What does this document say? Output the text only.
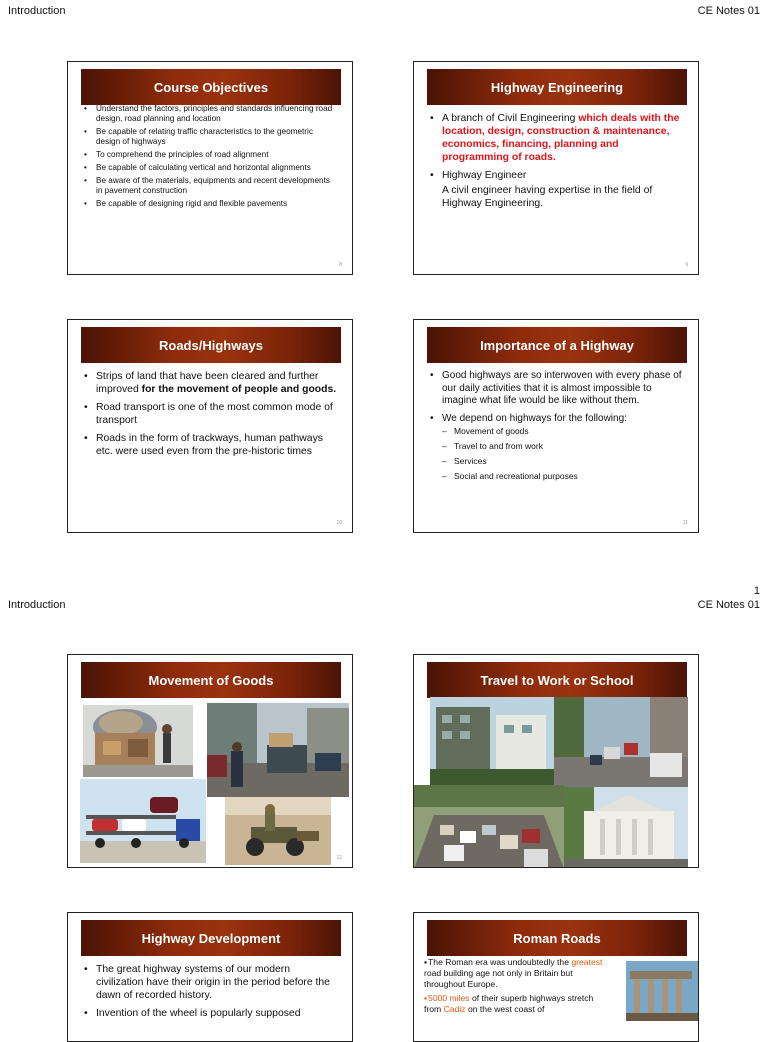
Introduction	CE Notes 01
Course Objectives
• Understand the factors, principles and standards influencing road design, road planning and location
• Be capable of relating traffic characteristics to the geometric design of highways
• To comprehend the principles of road alignment
• Be capable of calculating vertical and horizontal alignments
• Be aware of the materials, equipments and recent developments in pavement construction
• Be capable of designing rigid and flexible pavements
8
Highway Engineering
• A branch of Civil Engineering which deals with the location, design, construction & maintenance, economics, financing, planning and programming of roads.
• Highway Engineer
A civil engineer having expertise in the field of Highway Engineering.
9
Roads/Highways
• Strips of land that have been cleared and further improved for the movement of people and goods.
• Road transport is one of the most common mode of transport
• Roads in the form of trackways, human pathways etc. were used even from the pre-historic times
10
Importance of a Highway
• Good highways are so interwoven with every phase of our daily activities that it is almost impossible to imagine what life would be like without them.
• We depend on highways for the following:
– Movement of goods
– Travel to and from work
– Services
– Social and recreational purposes
11
1
Introduction	CE Notes 01
Movement of Goods
12
Travel to Work or School
Highway Development
• The great highway systems of our modern civilization have their origin in the period before the dawn of recorded history.
• Invention of the wheel is popularly supposed
Roman Roads
▪ The Roman era was undoubtedly the greatest road building age not only in Britain but throughout Europe.
▪ 5000 miles of their superb highways stretch from Cadiz on the west coast of
